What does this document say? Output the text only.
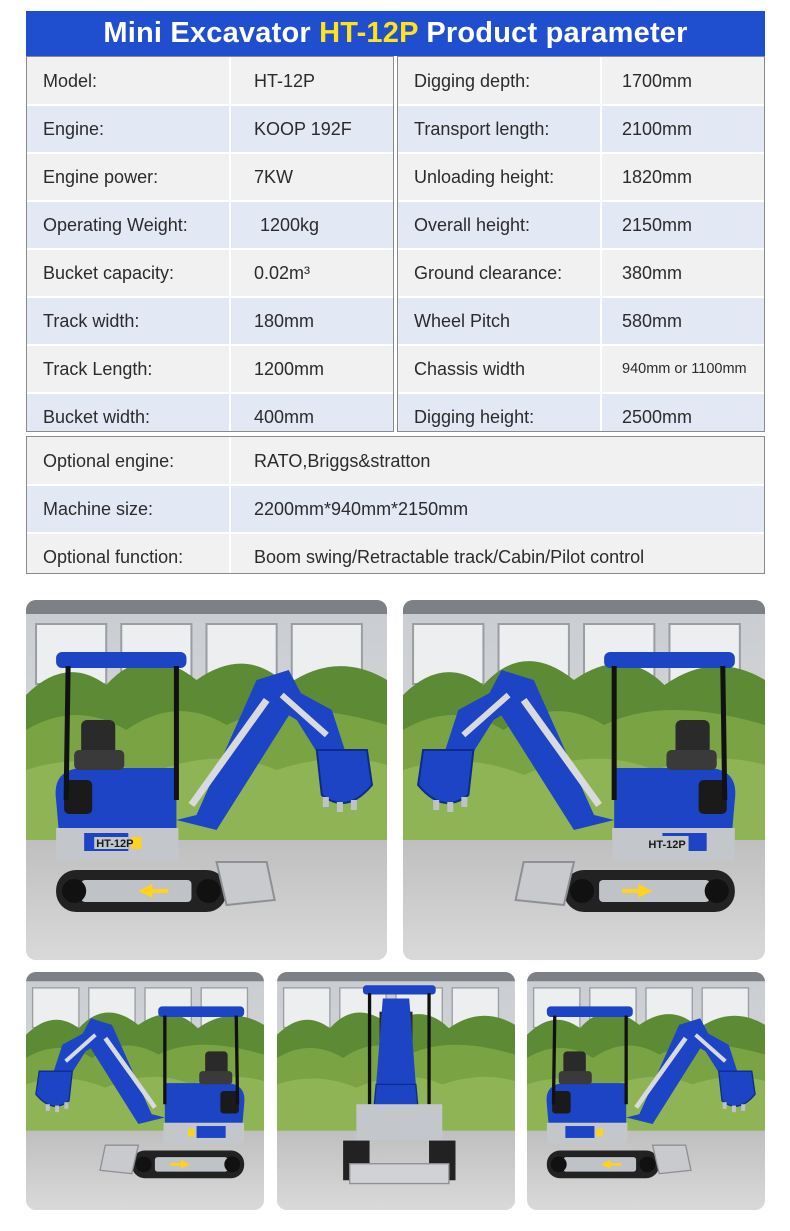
Mini Excavator HT-12P Product parameter
Model:	HT-12P
Engine:	KOOP 192F
Engine power:	7KW
Operating Weight:	1200kg
Bucket capacity:	0.02m³
Track width:	180mm
Track Length:	1200mm
Bucket width:	400mm
Digging depth:	1700mm
Transport length:	2100mm
Unloading height:	1820mm
Overall height:	2150mm
Ground clearance:	380mm
Wheel Pitch	580mm
Chassis width	940mm or 1100mm
Digging height:	2500mm
Optional engine:	RATO,Briggs&stratton
Machine size:	2200mm*940mm*2150mm
Optional function:	Boom swing/Retractable track/Cabin/Pilot control
HT-12P	HT-12P
